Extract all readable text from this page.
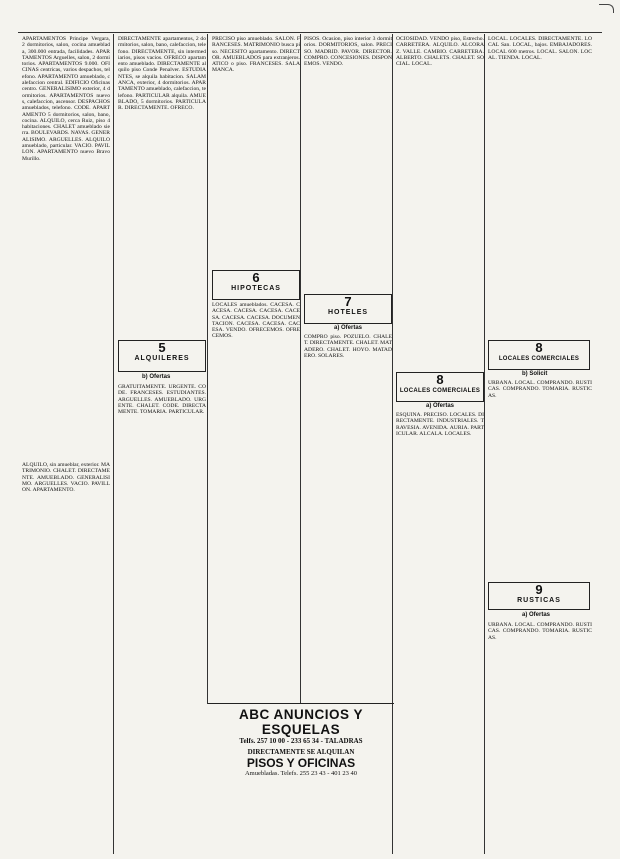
APARTAMENTOS Principe Vergara, 2 dormitorios, salon, cocina amueblada, 300.000 entrada, facilidades. APARTAMENTOS Arguelles, salon, 2 dormitorios. APARTAMENTOS 9.000. OFICINAS centricas, varios despachos, telefono. APARTAMENTO amueblado, calefaccion central. EDIFICIO Oficinas centro. GENERALISIMO exterior, 4 dormitorios. APARTAMENTOS nuevos, calefaccion, ascensor. DESPACHOS amueblados, telefono. CODE. APARTAMENTO 5 dormitorios, salon, bano, cocina. ALQUILO, cerca Ruiz, piso 4 habitaciones. CHALET amueblado sierra. BOULEVARDS. NAVAS. GENERALISIMO. ARGUELLES. ALQUILO amueblado, particular. VACIO. PAVILLON. APARTAMENTO nuevo Bravo Murillo.

ALQUILO, sin amueblar, exterior. MATRIMONIO. CHALET. DIRECTAMENTE. AMUEBLADO. GENERALISIMO. ARGUELLES. VACIO. PAVILLON. APARTAMENTO.

DIRECTAMENTE apartamentos, 2 dormitorios, salon, bano, calefaccion, telefono. DIRECTAMENTE, sin intermediarios, pisos vacios. OFRECO apartamento amueblado. DIRECTAMENTE alquilo piso Conde Penalver. ESTUDIANTES, se alquila habitacion. SALAMANCA, exterior, 4 dormitorios. APARTAMENTO amueblado, calefaccion, telefono. PARTICULAR alquila. AMUEBLADO, 5 dormitorios. PARTICULAR. DIRECTAMENTE. OFRECO.

5
ALQUILERES
b) Ofertas

GRATUITAMENTE. URGENTE. CODE. FRANCESES. ESTUDIANTES. ARGUELLES. AMUEBLADO. URGENTE. CHALET. CODE. DIRECTAMENTE. TOMARIA. PARTICULAR.

PRECISO piso amueblado. SALON. FRANCESES. MATRIMONIO busca piso. NECESITO apartamento. DIRECTOR. AMUEBLADOS para extranjeros. ATICO o piso. FRANCESES. SALAMANCA.

6
HIPOTECAS

LOCALES amueblados. CACESA. CACESA. CACESA. CACESA. CACESA. CACESA. CACESA. DOCUMENTACION. CACESA. CACESA. CACESA. VENDO. OFRECEMOS. OFRECEMOS.

PISOS. Ocasion, piso interior 3 dormitorios. DORMITORIOS, salon. PRECISO. MADRID. PAVOR. DIRECTOR. COMPRO. CONCESIONES. DISPONEMOS. VENDO.

7
HOTELES
a) Ofertas

COMPRO piso. POZUELO. CHALET. DIRECTAMENTE. CHALET. MATADERO. CHALET. HOYO. MATADERO. SOLARES.

OCIOSIDAD. VENDO piso, Estrecho. CARRETERA. ALQUILO. ALCORAZ. VALLE. CAMBIO. CARRETERA. ALBERTO. CHALETS. CHALET. SOCIAL. LOCAL.

8
LOCALES COMERCIALES
a) Ofertas

ESQUINA. PRECISO. LOCALES. DIRECTAMENTE. INDUSTRIALES. TRAVESIA. AVENIDA. AURIA. PARTICULAR. ALCALA. LOCALES.

LOCAL. LOCALES. DIRECTAMENTE. LOCAL San. LOCAL, bajos. EMBAJADORES. LOCAL 600 metros. LOCAL. SALON. LOCAL. TIENDA. LOCAL.

8
LOCALES COMERCIALES
b) Solicit

URBANA. LOCAL. COMPRANDO. RUSTICAS. COMPRANDO. TOMARIA. RUSTICAS.

9
RUSTICAS
a) Ofertas

URBANA. LOCAL. COMPRANDO. RUSTICAS. COMPRANDO. TOMARIA. RUSTICAS.

ABC ANUNCIOS Y ESQUELAS
Telfs. 257 10 00 - 233 65 34 - TALADRAS
DIRECTAMENTE SE ALQUILAN
PISOS Y OFICINAS
Amuebladas. Telefs. 255 23 43 - 401 23 40
